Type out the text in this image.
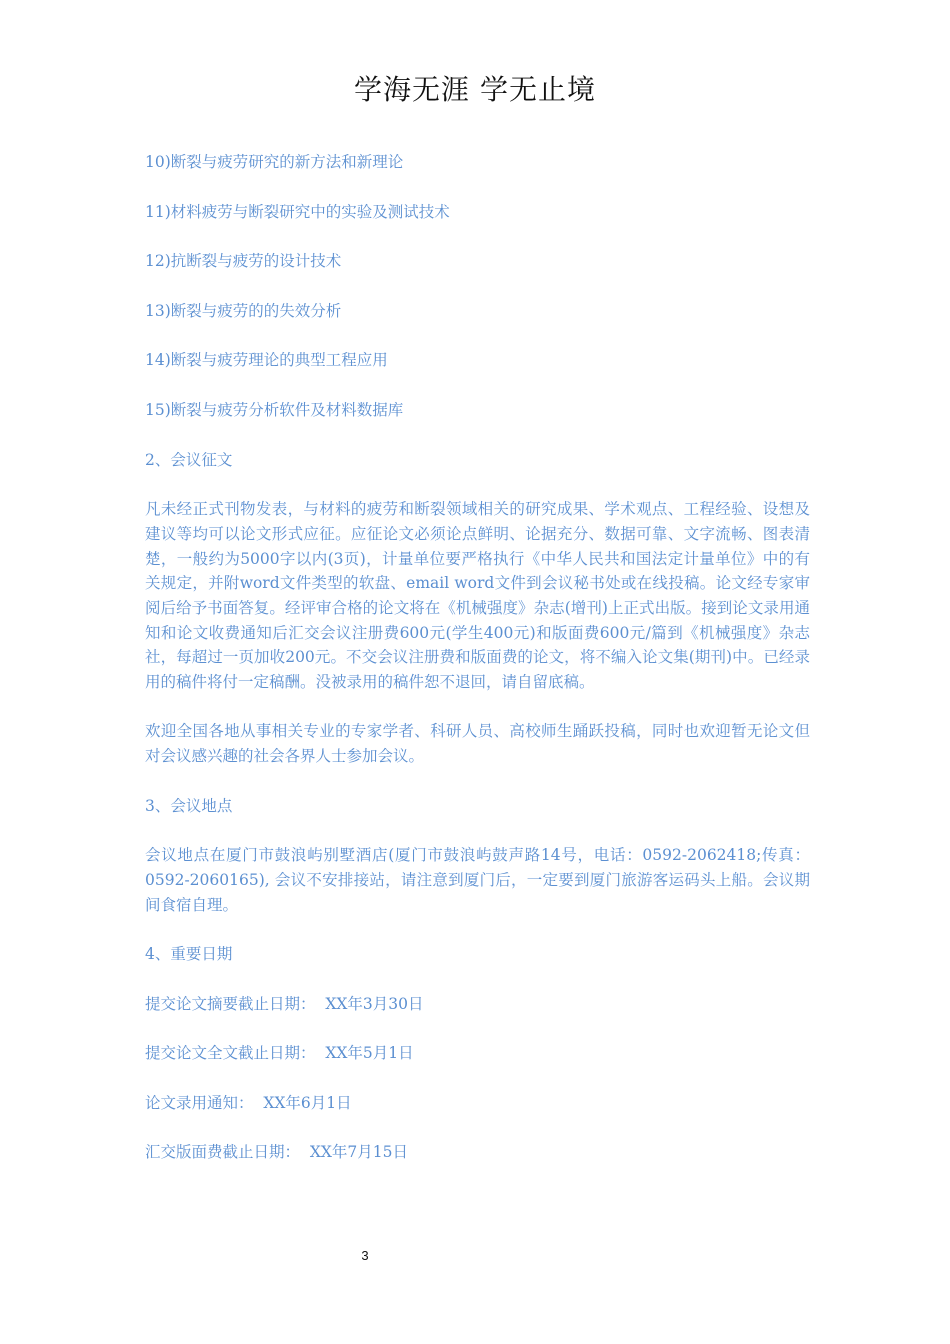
学海无涯 学无止境
10)断裂与疲劳研究的新方法和新理论
11)材料疲劳与断裂研究中的实验及测试技术
12)抗断裂与疲劳的设计技术
13)断裂与疲劳的的失效分析
14)断裂与疲劳理论的典型工程应用
15)断裂与疲劳分析软件及材料数据库
2、会议征文
凡未经正式刊物发表，与材料的疲劳和断裂领域相关的研究成果、学术观点、工程经验、设想及建议等均可以论文形式应征。应征论文必须论点鲜明、论据充分、数据可靠、文字流畅、图表清楚，一般约为5000字以内(3页)，计量单位要严格执行《中华人民共和国法定计量单位》中的有关规定，并附word文件类型的软盘、email word文件到会议秘书处或在线投稿。论文经专家审阅后给予书面答复。经评审合格的论文将在《机械强度》杂志(增刊)上正式出版。接到论文录用通知和论文收费通知后汇交会议注册费600元(学生400元)和版面费600元/篇到《机械强度》杂志社，每超过一页加收200元。不交会议注册费和版面费的论文，将不编入论文集(期刊)中。已经录用的稿件将付一定稿酬。没被录用的稿件恕不退回，请自留底稿。
欢迎全国各地从事相关专业的专家学者、科研人员、高校师生踊跃投稿，同时也欢迎暂无论文但对会议感兴趣的社会各界人士参加会议。
3、会议地点
会议地点在厦门市鼓浪屿别墅酒店(厦门市鼓浪屿鼓声路14号，电话：0592-2062418;传真：0592-2060165), 会议不安排接站，请注意到厦门后，一定要到厦门旅游客运码头上船。会议期间食宿自理。
4、重要日期
提交论文摘要截止日期：  XX年3月30日
提交论文全文截止日期：  XX年5月1日
论文录用通知：  XX年6月1日
汇交版面费截止日期：  XX年7月15日
3
